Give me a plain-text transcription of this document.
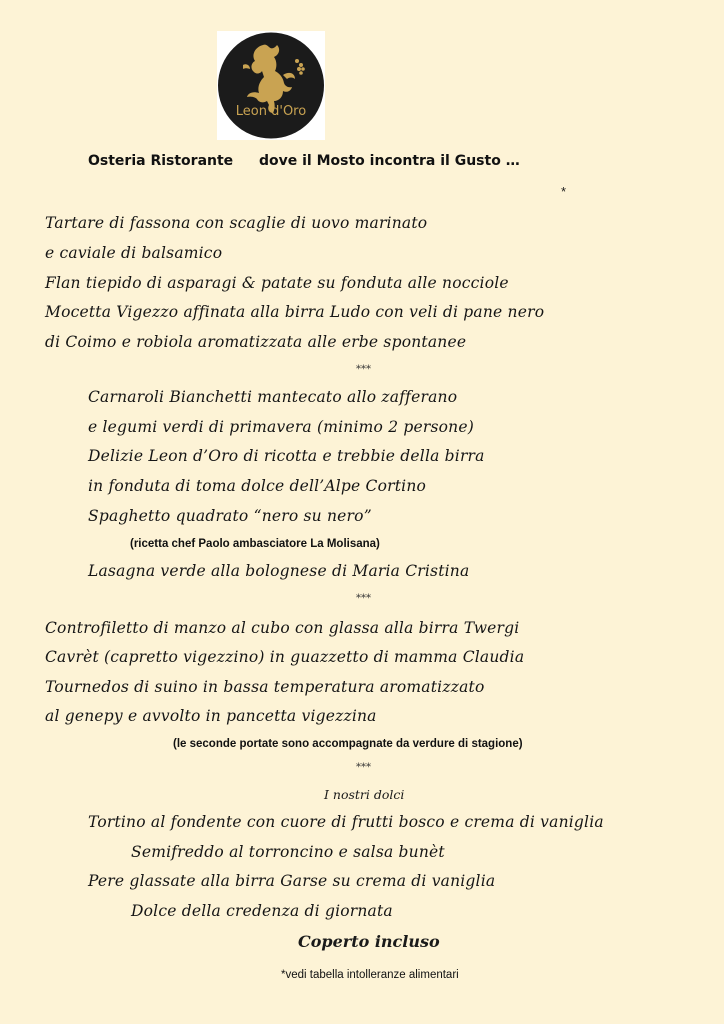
Leon d'Oro
Osteria Ristorante dove il Mosto incontra il Gusto …
*
Tartare di fassona con scaglie di uovo marinato
e caviale di balsamico
Flan tiepido di asparagi & patate su fonduta alle nocciole
Mocetta Vigezzo affinata alla birra Ludo con veli di pane nero
di Coimo e robiola aromatizzata alle erbe spontanee
***
Carnaroli Bianchetti mantecato allo zafferano
e legumi verdi di primavera (minimo 2 persone)
Delizie Leon d’Oro di ricotta e trebbie della birra
in fonduta di toma dolce dell’Alpe Cortino
Spaghetto quadrato “nero su nero”
(ricetta chef Paolo ambasciatore La Molisana)
Lasagna verde alla bolognese di Maria Cristina
***
Controfiletto di manzo al cubo con glassa alla birra Twergi
Cavrèt (capretto vigezzino) in guazzetto di mamma Claudia
Tournedos di suino in bassa temperatura aromatizzato
al genepy e avvolto in pancetta vigezzina
(le seconde portate sono accompagnate da verdure di stagione)
***
I nostri dolci
Tortino al fondente con cuore di frutti bosco e crema di vaniglia
Semifreddo al torroncino e salsa bunèt
Pere glassate alla birra Garse su crema di vaniglia
Dolce della credenza di giornata
Coperto incluso
*vedi tabella intolleranze alimentari
